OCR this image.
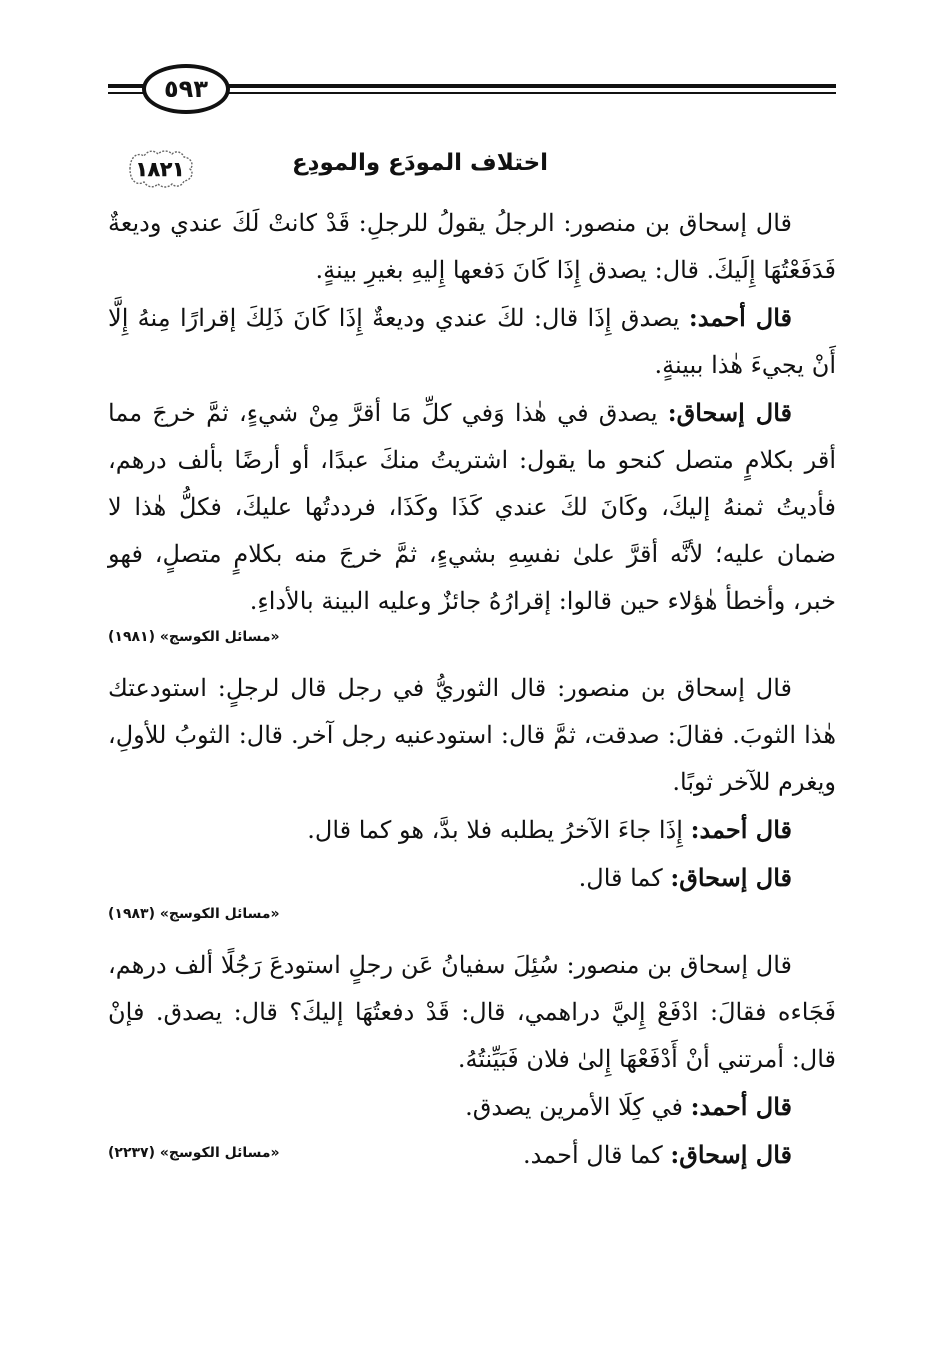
٥٩٣
١٨٢١	اختلاف المودَع والمودِع

قال إسحاق بن منصور: الرجلُ يقولُ للرجلِ: قَدْ كانتْ لَكَ عندي وديعةٌ فَدَفَعْتُهَا إِلَيكَ. قال: يصدق إِذَا كَانَ دَفعها إِليهِ بغيرِ بينةٍ.

قال أحمد: يصدق إِذَا قال: لكَ عندي وديعةٌ إِذَا كَانَ ذَلِكَ إقرارًا مِنهُ إِلَّا أَنْ يجيءَ هٰذا ببينةٍ.

قال إسحاق: يصدق في هٰذا وَفي كلِّ مَا أقرَّ مِنْ شيءٍ، ثمَّ خرجَ مما أقر بكلامٍ متصل كنحو ما يقول: اشتريتُ منكَ عبدًا، أو أرضًا بألف درهم، فأديتُ ثمنهُ إليكَ، وكَانَ لكَ عندي كَذَا وكَذَا، فرددتُها عليكَ، فكلُّ هٰذا لا ضمان عليه؛ لأنَّه أقرَّ علىٰ نفسِهِ بشيءٍ، ثمَّ خرجَ منه بكلامٍ متصلٍ، فهو خبر، وأخطأ هٰؤلاء حين قالوا: إقرارُهُ جائزٌ وعليه البينة بالأداءِ.

«مسائل الكوسج» (١٩٨١)

قال إسحاق بن منصور: قال الثوريُّ في رجل قال لرجلٍ: استودعتك هٰذا الثوبَ. فقالَ: صدقت، ثمَّ قال: استودعنيه رجل آخر. قال: الثوبُ للأولِ، ويغرم للآخر ثوبًا.

قال أحمد: إِذَا جاءَ الآخرُ يطلبه فلا بدَّ، هو كما قال.

قال إسحاق: كما قال.

«مسائل الكوسج» (١٩٨٣)

قال إسحاق بن منصور: سُئِلَ سفيانُ عَن رجلٍ استودعَ رَجُلًا ألف درهم، فَجَاءه فقالَ: ادْفَعْ إِليَّ دراهمي، قال: قَدْ دفعتُهَا إليكَ؟ قال: يصدق. فإنْ قال: أمرتني أنْ أَدْفَعْهَا إِلىٰ فلان فَبَيِّنتُهُ.

قال أحمد: في كِلَا الأمرين يصدق.

قال إسحاق: كما قال أحمد.

«مسائل الكوسج» (٢٢٣٧)
